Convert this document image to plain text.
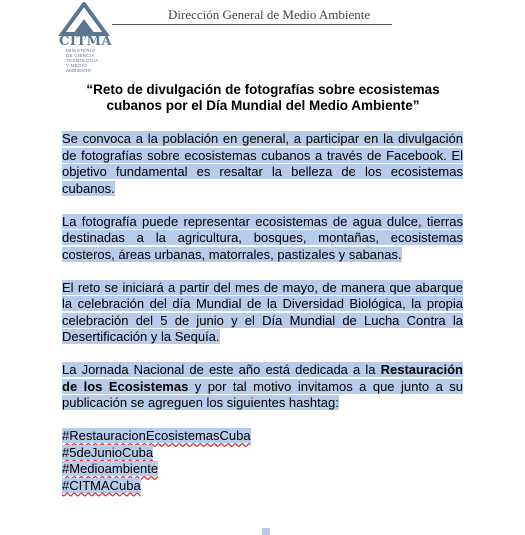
CITMA
MINISTERIO
DE CIENCIA
TECNOLOGIA
Y MEDIO AMBIENTE
Dirección General de Medio Ambiente
“Reto de divulgación de fotografías sobre ecosistemas cubanos por el Día Mundial del Medio Ambiente”

Se convoca a la población en general, a participar en la divulgación de fotografías sobre ecosistemas cubanos a través de Facebook. El objetivo fundamental es resaltar la belleza de los ecosistemas cubanos.

La fotografía puede representar ecosistemas de agua dulce, tierras destinadas a la agricultura, bosques, montañas, ecosistemas costeros, áreas urbanas, matorrales, pastizales y sabanas.

El reto se iniciará a partir del mes de mayo, de manera que abarque la celebración del día Mundial de la Diversidad Biológica, la propia celebración del 5 de junio y el Día Mundial de Lucha Contra la Desertificación y la Sequía.

La Jornada Nacional de este año está dedicada a la Restauración de los Ecosistemas y por tal motivo invitamos a que junto a su publicación se agreguen los siguientes hashtag:

#RestauracionEcosistemasCuba
#5deJunioCuba
#Medioambiente
#CITMACuba
